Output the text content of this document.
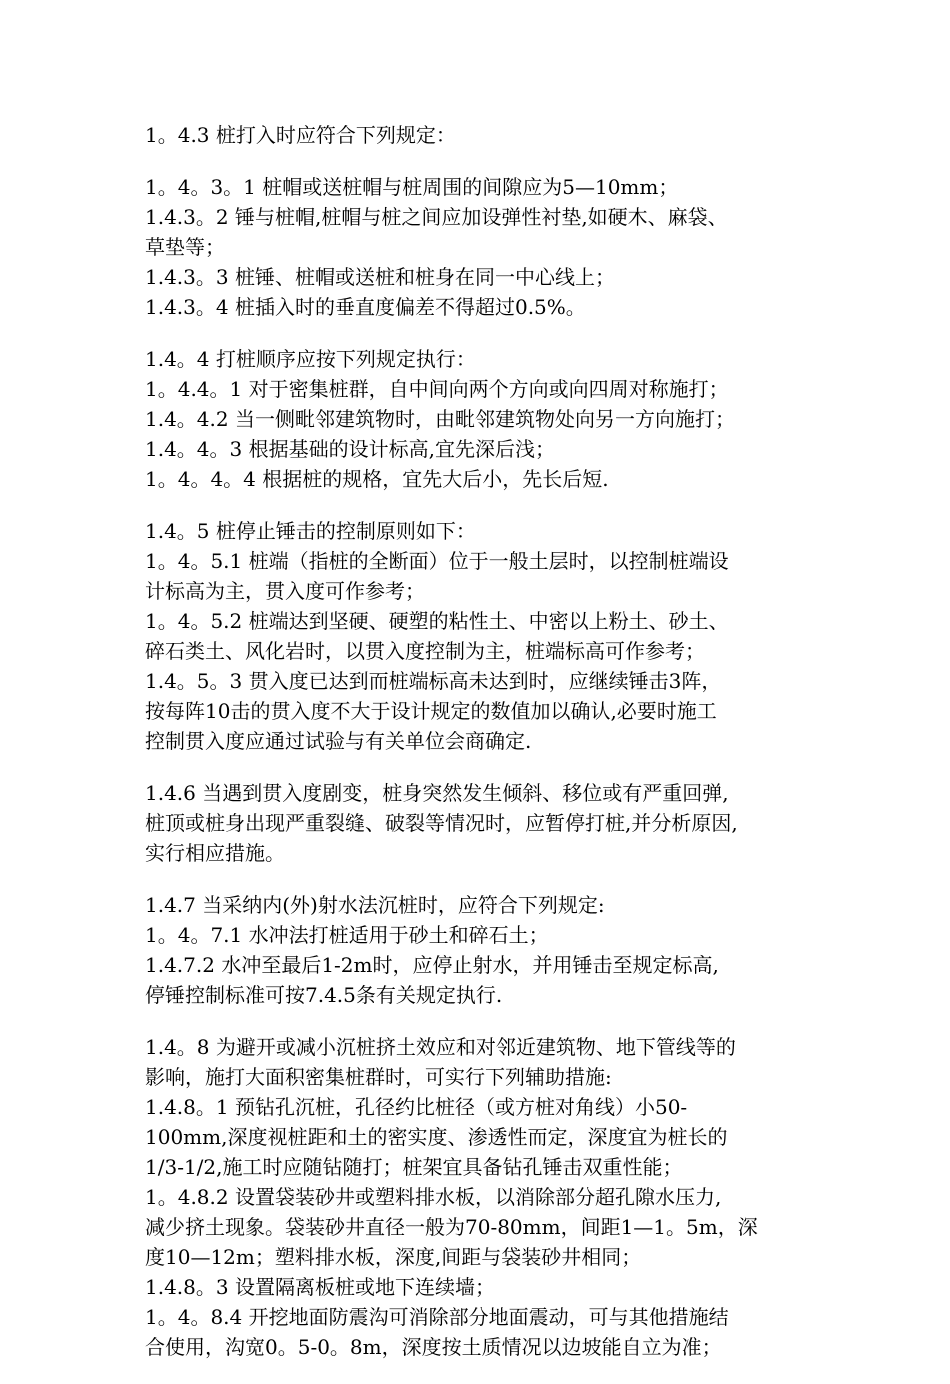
1。4.3 桩打入时应符合下列规定：
1。4。3。1 桩帽或送桩帽与桩周围的间隙应为5—10mm；
1.4.3。2 锤与桩帽,桩帽与桩之间应加设弹性衬垫,如硬木、麻袋、
草垫等；
1.4.3。3 桩锤、桩帽或送桩和桩身在同一中心线上；
1.4.3。4 桩插入时的垂直度偏差不得超过0.5%。
1.4。4 打桩顺序应按下列规定执行：
1。4.4。1 对于密集桩群，自中间向两个方向或向四周对称施打；
1.4。4.2 当一侧毗邻建筑物时，由毗邻建筑物处向另一方向施打；
1.4。4。3 根据基础的设计标高,宜先深后浅；
1。4。4。4 根据桩的规格，宜先大后小，先长后短.
1.4。5 桩停止锤击的控制原则如下：
1。4。5.1 桩端（指桩的全断面）位于一般土层时，以控制桩端设
计标高为主，贯入度可作参考；
1。4。5.2 桩端达到坚硬、硬塑的粘性土、中密以上粉土、砂土、
碎石类土、风化岩时，以贯入度控制为主，桩端标高可作参考；
1.4。5。3 贯入度已达到而桩端标高未达到时，应继续锤击3阵，
按每阵10击的贯入度不大于设计规定的数值加以确认,必要时施工
控制贯入度应通过试验与有关单位会商确定.
1.4.6 当遇到贯入度剧变，桩身突然发生倾斜、移位或有严重回弹,
桩顶或桩身出现严重裂缝、破裂等情况时，应暂停打桩,并分析原因,
实行相应措施。
1.4.7 当采纳内(外)射水法沉桩时，应符合下列规定:
1。4。7.1 水冲法打桩适用于砂土和碎石土；
1.4.7.2 水冲至最后1-2m时，应停止射水，并用锤击至规定标高,
停锤控制标准可按7.4.5条有关规定执行.
1.4。8 为避开或减小沉桩挤土效应和对邻近建筑物、地下管线等的
影响，施打大面积密集桩群时，可实行下列辅助措施:
1.4.8。1 预钻孔沉桩，孔径约比桩径（或方桩对角线）小50-
100mm,深度视桩距和土的密实度、渗透性而定，深度宜为桩长的
1/3-1/2,施工时应随钻随打；桩架宜具备钻孔锤击双重性能；
1。4.8.2 设置袋装砂井或塑料排水板，以消除部分超孔隙水压力,
减少挤土现象。袋装砂井直径一般为70-80mm，间距1—1。5m，深
度10—12m；塑料排水板，深度,间距与袋装砂井相同；
1.4.8。3 设置隔离板桩或地下连续墙；
1。4。8.4 开挖地面防震沟可消除部分地面震动，可与其他措施结
合使用，沟宽0。5-0。8m，深度按土质情况以边坡能自立为准；
